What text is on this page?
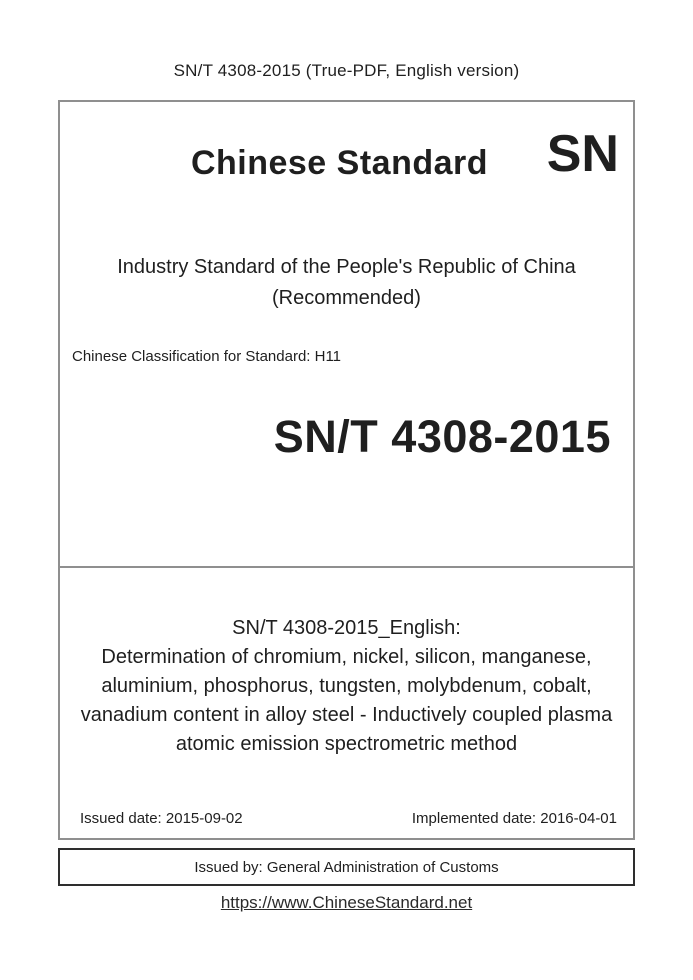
SN/T 4308-2015 (True-PDF, English version)
Chinese Standard	SN
Industry Standard of the People's Republic of China
(Recommended)
Chinese Classification for Standard: H11
SN/T 4308-2015
SN/T 4308-2015_English:
Determination of chromium, nickel, silicon, manganese,
aluminium, phosphorus, tungsten, molybdenum, cobalt,
vanadium content in alloy steel - Inductively coupled plasma
atomic emission spectrometric method
Issued date: 2015-09-02	Implemented date: 2016-04-01
Issued by: General Administration of Customs
https://www.ChineseStandard.net
